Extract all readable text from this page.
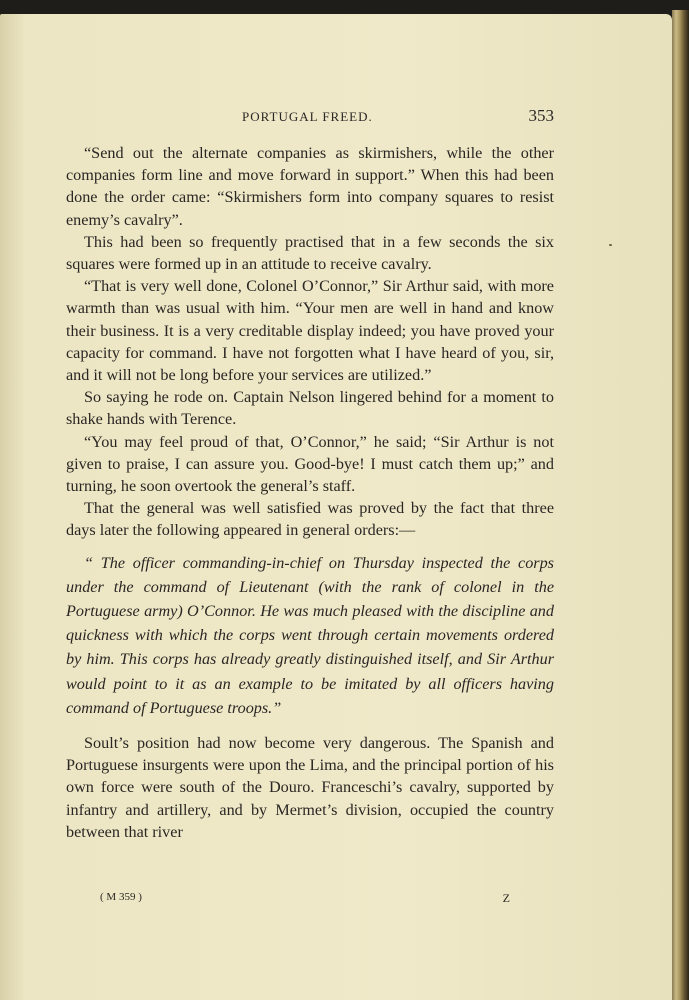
PORTUGAL FREED.	353

“Send out the alternate companies as skirmishers, while the other companies form line and move forward in support.” When this had been done the order came: “Skirmishers form into company squares to resist enemy’s cavalry”.

This had been so frequently practised that in a few seconds the six squares were formed up in an attitude to receive cavalry.

“That is very well done, Colonel O’Connor,” Sir Arthur said, with more warmth than was usual with him. “Your men are well in hand and know their business. It is a very creditable display indeed; you have proved your capacity for command. I have not forgotten what I have heard of you, sir, and it will not be long before your services are utilized.”

So saying he rode on. Captain Nelson lingered behind for a moment to shake hands with Terence.

“You may feel proud of that, O’Connor,” he said; “Sir Arthur is not given to praise, I can assure you. Good-bye! I must catch them up;” and turning, he soon overtook the general’s staff.

That the general was well satisfied was proved by the fact that three days later the following appeared in general orders:—

“ The officer commanding-in-chief on Thursday inspected the corps under the command of Lieutenant (with the rank of colonel in the Portuguese army) O’Connor. He was much pleased with the discipline and quickness with which the corps went through certain movements ordered by him. This corps has already greatly distinguished itself, and Sir Arthur would point to it as an example to be imitated by all officers having command of Portuguese troops.”

Soult’s position had now become very dangerous. The Spanish and Portuguese insurgents were upon the Lima, and the principal portion of his own force were south of the Douro. Franceschi’s cavalry, supported by infantry and artillery, and by Mermet’s division, occupied the country between that river

( M 359 )	Z
